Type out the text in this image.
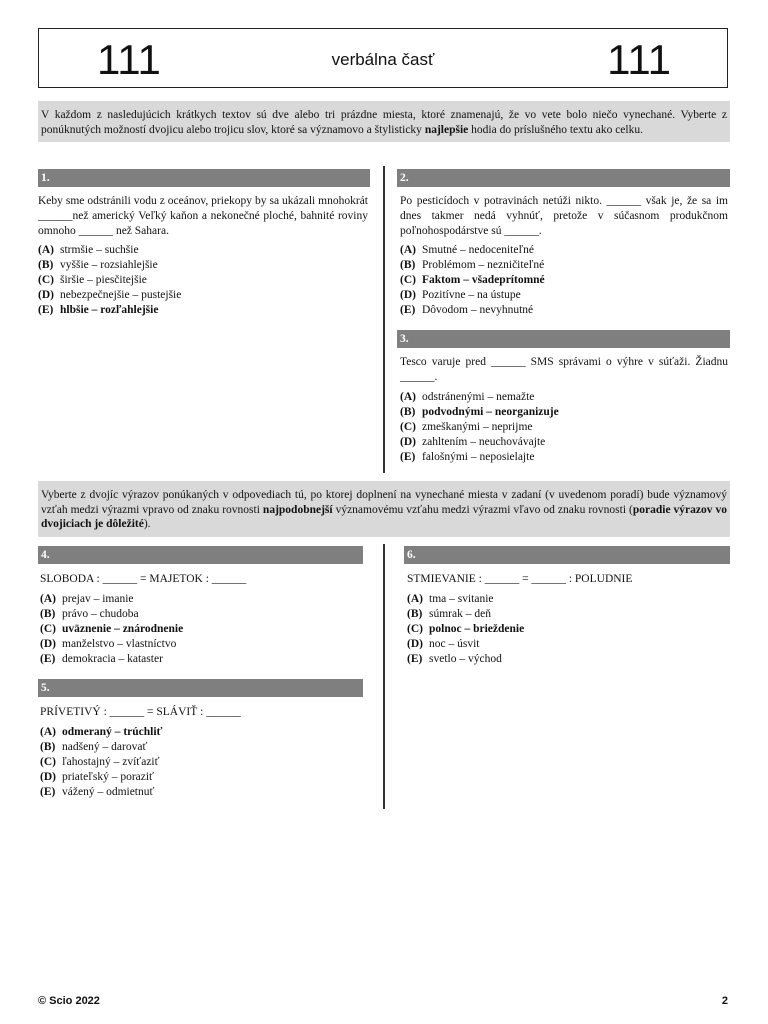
111	verbálna časť	111
V každom z nasledujúcich krátkych textov sú dve alebo tri prázdne miesta, ktoré znamenajú, že vo vete bolo niečo vynechané. Vyberte z ponúknutých možností dvojicu alebo trojicu slov, ktoré sa významovo a štylisticky najlepšie hodia do príslušného textu ako celku.
1.
Keby sme odstránili vodu z oceánov, priekopy by sa ukázali mnohokrát ______než americký Veľký kaňon a nekonečné ploché, bahnité roviny omnoho ______ než Sahara.
(A) strmšie – suchšie
(B) vyššie – rozsiahlejšie
(C) širšie – piesčitejšie
(D) nebezpečnejšie – pustejšie
(E) hlbšie – rozľahlejšie
2.
Po pesticídoch v potravinách netúži nikto. ______ však je, že sa im dnes takmer nedá vyhnúť, pretože v súčasnom produkčnom poľnohospodárstve sú ______.
(A) Smutné – nedoceniteľné
(B) Problémom – nezničiteľné
(C) Faktom – všadeprítomné
(D) Pozitívne – na ústupe
(E) Dôvodom – nevyhnutné
3.
Tesco varuje pred ______ SMS správami o výhre v súťaži. Žiadnu ______.
(A) odstránenými – nemažte
(B) podvodnými – neorganizuje
(C) zmeškanými – neprijme
(D) zahltením – neuchovávajte
(E) falošnými – neposielajte
Vyberte z dvojíc výrazov ponúkaných v odpovediach tú, po ktorej doplnení na vynechané miesta v zadaní (v uvedenom poradí) bude významový vzťah medzi výrazmi vpravo od znaku rovnosti najpodobnejší významovému vzťahu medzi výrazmi vľavo od znaku rovnosti (poradie výrazov vo dvojiciach je dôležité).
4.
SLOBODA : ______ = MAJETOK : ______
(A) prejav – imanie
(B) právo – chudoba
(C) uväznenie – znárodnenie
(D) manželstvo – vlastníctvo
(E) demokracia – kataster
5.
PRÍVETIVÝ : ______ = SLÁVIŤ : ______
(A) odmeraný – trúchliť
(B) nadšený – darovať
(C) ľahostajný – zvíťaziť
(D) priateľský – poraziť
(E) vážený – odmietnuť
6.
STMIEVANIE : ______ = ______ : POLUDNIE
(A) tma – svitanie
(B) súmrak – deň
(C) polnoc – brieždenie
(D) noc – úsvit
(E) svetlo – východ
© Scio 2022	2
